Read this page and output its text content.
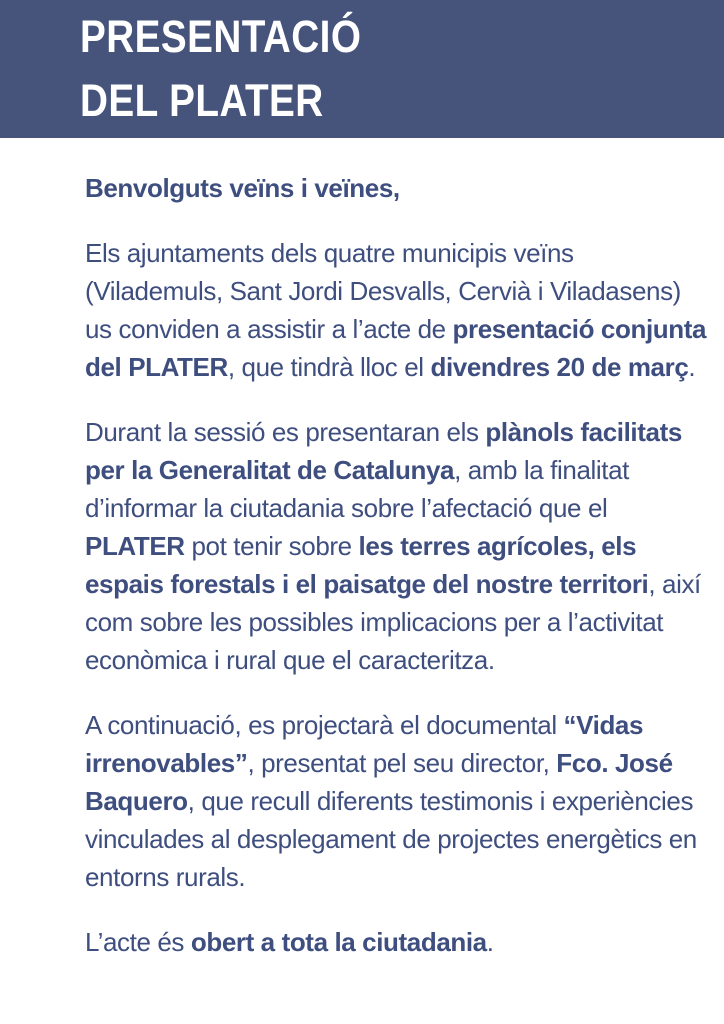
PRESENTACIÓ
DEL PLATER

Benvolguts veïns i veïnes,

Els ajuntaments dels quatre municipis veïns
(Vilademuls, Sant Jordi Desvalls, Cervià i Viladasens)
us conviden a assistir a l’acte de presentació conjunta
del PLATER, que tindrà lloc el divendres 20 de març.

Durant la sessió es presentaran els plànols facilitats
per la Generalitat de Catalunya, amb la finalitat
d’informar la ciutadania sobre l’afectació que el
PLATER pot tenir sobre les terres agrícoles, els
espais forestals i el paisatge del nostre territori, així
com sobre les possibles implicacions per a l’activitat
econòmica i rural que el caracteritza.

A continuació, es projectarà el documental “Vidas
irrenovables”, presentat pel seu director, Fco. José
Baquero, que recull diferents testimonis i experiències
vinculades al desplegament de projectes energètics en
entorns rurals.

L’acte és obert a tota la ciutadania.
